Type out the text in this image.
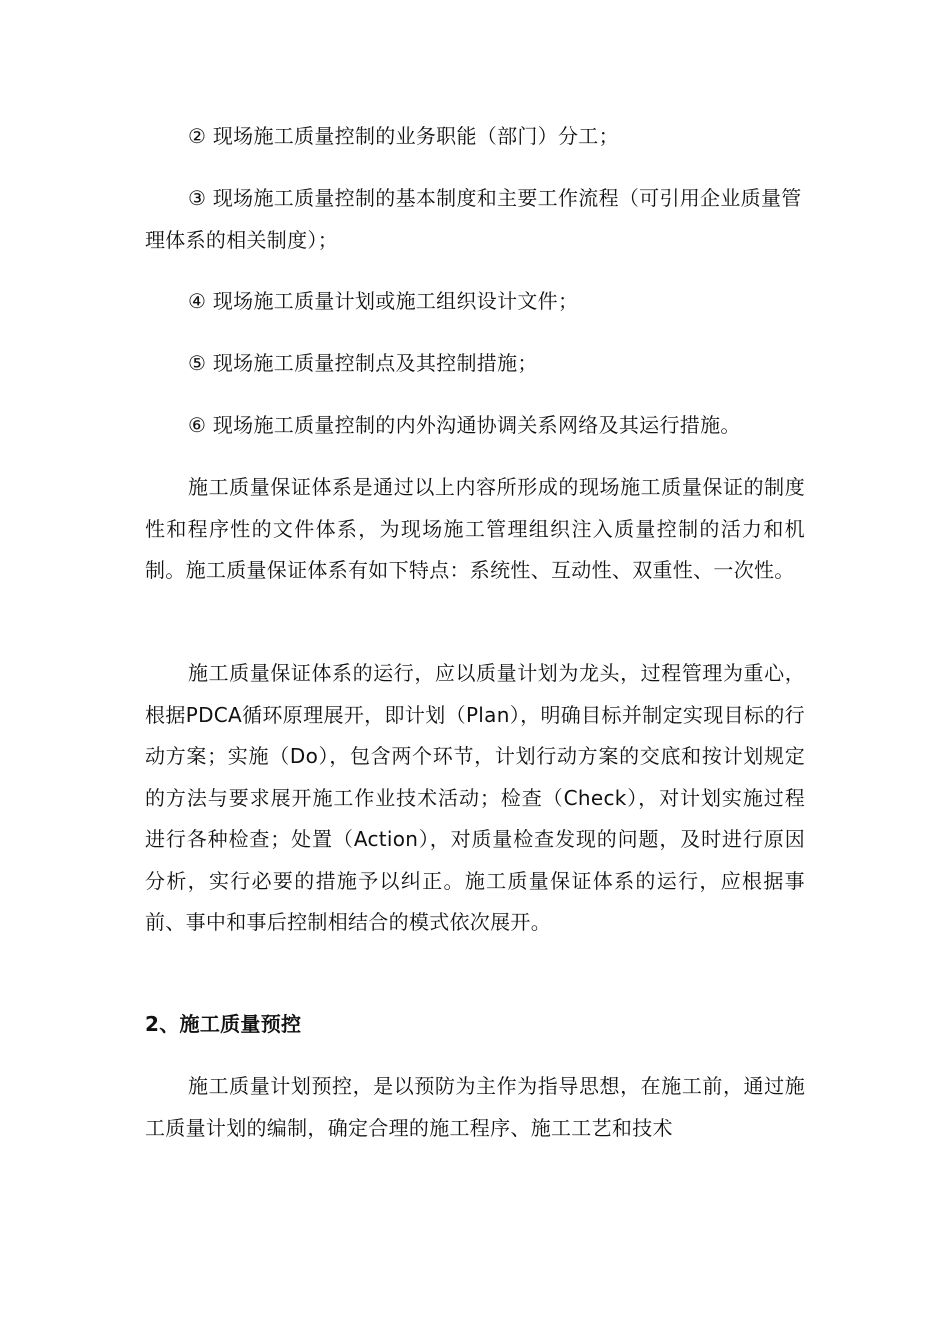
② 现场施工质量控制的业务职能（部门）分工；
③ 现场施工质量控制的基本制度和主要工作流程（可引用企业质量管理体系的相关制度）；
④ 现场施工质量计划或施工组织设计文件；
⑤ 现场施工质量控制点及其控制措施；
⑥ 现场施工质量控制的内外沟通协调关系网络及其运行措施。
施工质量保证体系是通过以上内容所形成的现场施工质量保证的制度性和程序性的文件体系，为现场施工管理组织注入质量控制的活力和机制。施工质量保证体系有如下特点：系统性、互动性、双重性、一次性。
施工质量保证体系的运行，应以质量计划为龙头，过程管理为重心，根据PDCA循环原理展开，即计划（Plan），明确目标并制定实现目标的行动方案；实施（Do），包含两个环节，计划行动方案的交底和按计划规定的方法与要求展开施工作业技术活动；检查（Check），对计划实施过程进行各种检查；处置（Action），对质量检查发现的问题，及时进行原因分析，实行必要的措施予以纠正。施工质量保证体系的运行，应根据事前、事中和事后控制相结合的模式依次展开。
2、施工质量预控
施工质量计划预控，是以预防为主作为指导思想，在施工前，通过施工质量计划的编制，确定合理的施工程序、施工工艺和技术
